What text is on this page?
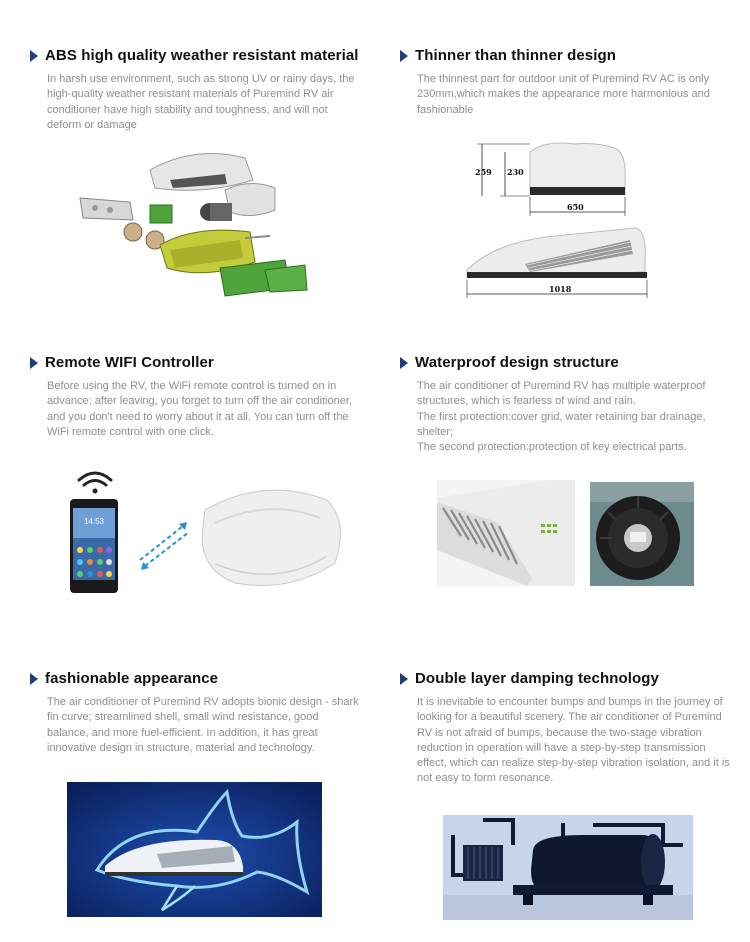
ABS high quality weather resistant material
In harsh use environment, such as strong UV or rainy days, the high-quality weather resistant materials of Puremind RV air conditioner have high stability and toughness, and will not deform or damage
Thinner than thinner design
The thinnest part for outdoor unit of Puremind RV AC is only 230mm,which makes the appearance more harmonious and fashionable
259 230
650
1018
Remote WIFI Controller
Before using the RV, the WiFi remote control is turned on in advance; after leaving, you forget to turn off the air conditioner, and you don't need to worry about it at all. You can turn off the WiFi remote control with one click.
14:53
Waterproof design structure

The air conditioner of Puremind RV has multiple waterproof structures, which is fearless of wind and rain.

The first protection:cover grid, water retaining bar drainage, shelter;

The second protection:protection of key electrical parts.

fashionable appearance
The air conditioner of Puremind RV adopts bionic design - shark fin curve; streamlined shell, small wind resistance, good balance, and more fuel-efficient. In addition, it has great innovative design in structure, material and technology.
Double layer damping technology
It is inevitable to encounter bumps and bumps in the journey of looking for a beautiful scenery. The air conditioner of Puremind RV is not afraid of bumps, because the two-stage vibration reduction in operation will have a step-by-step transmission effect, which can realize step-by-step vibration isolation, and it is not easy to form resonance.
